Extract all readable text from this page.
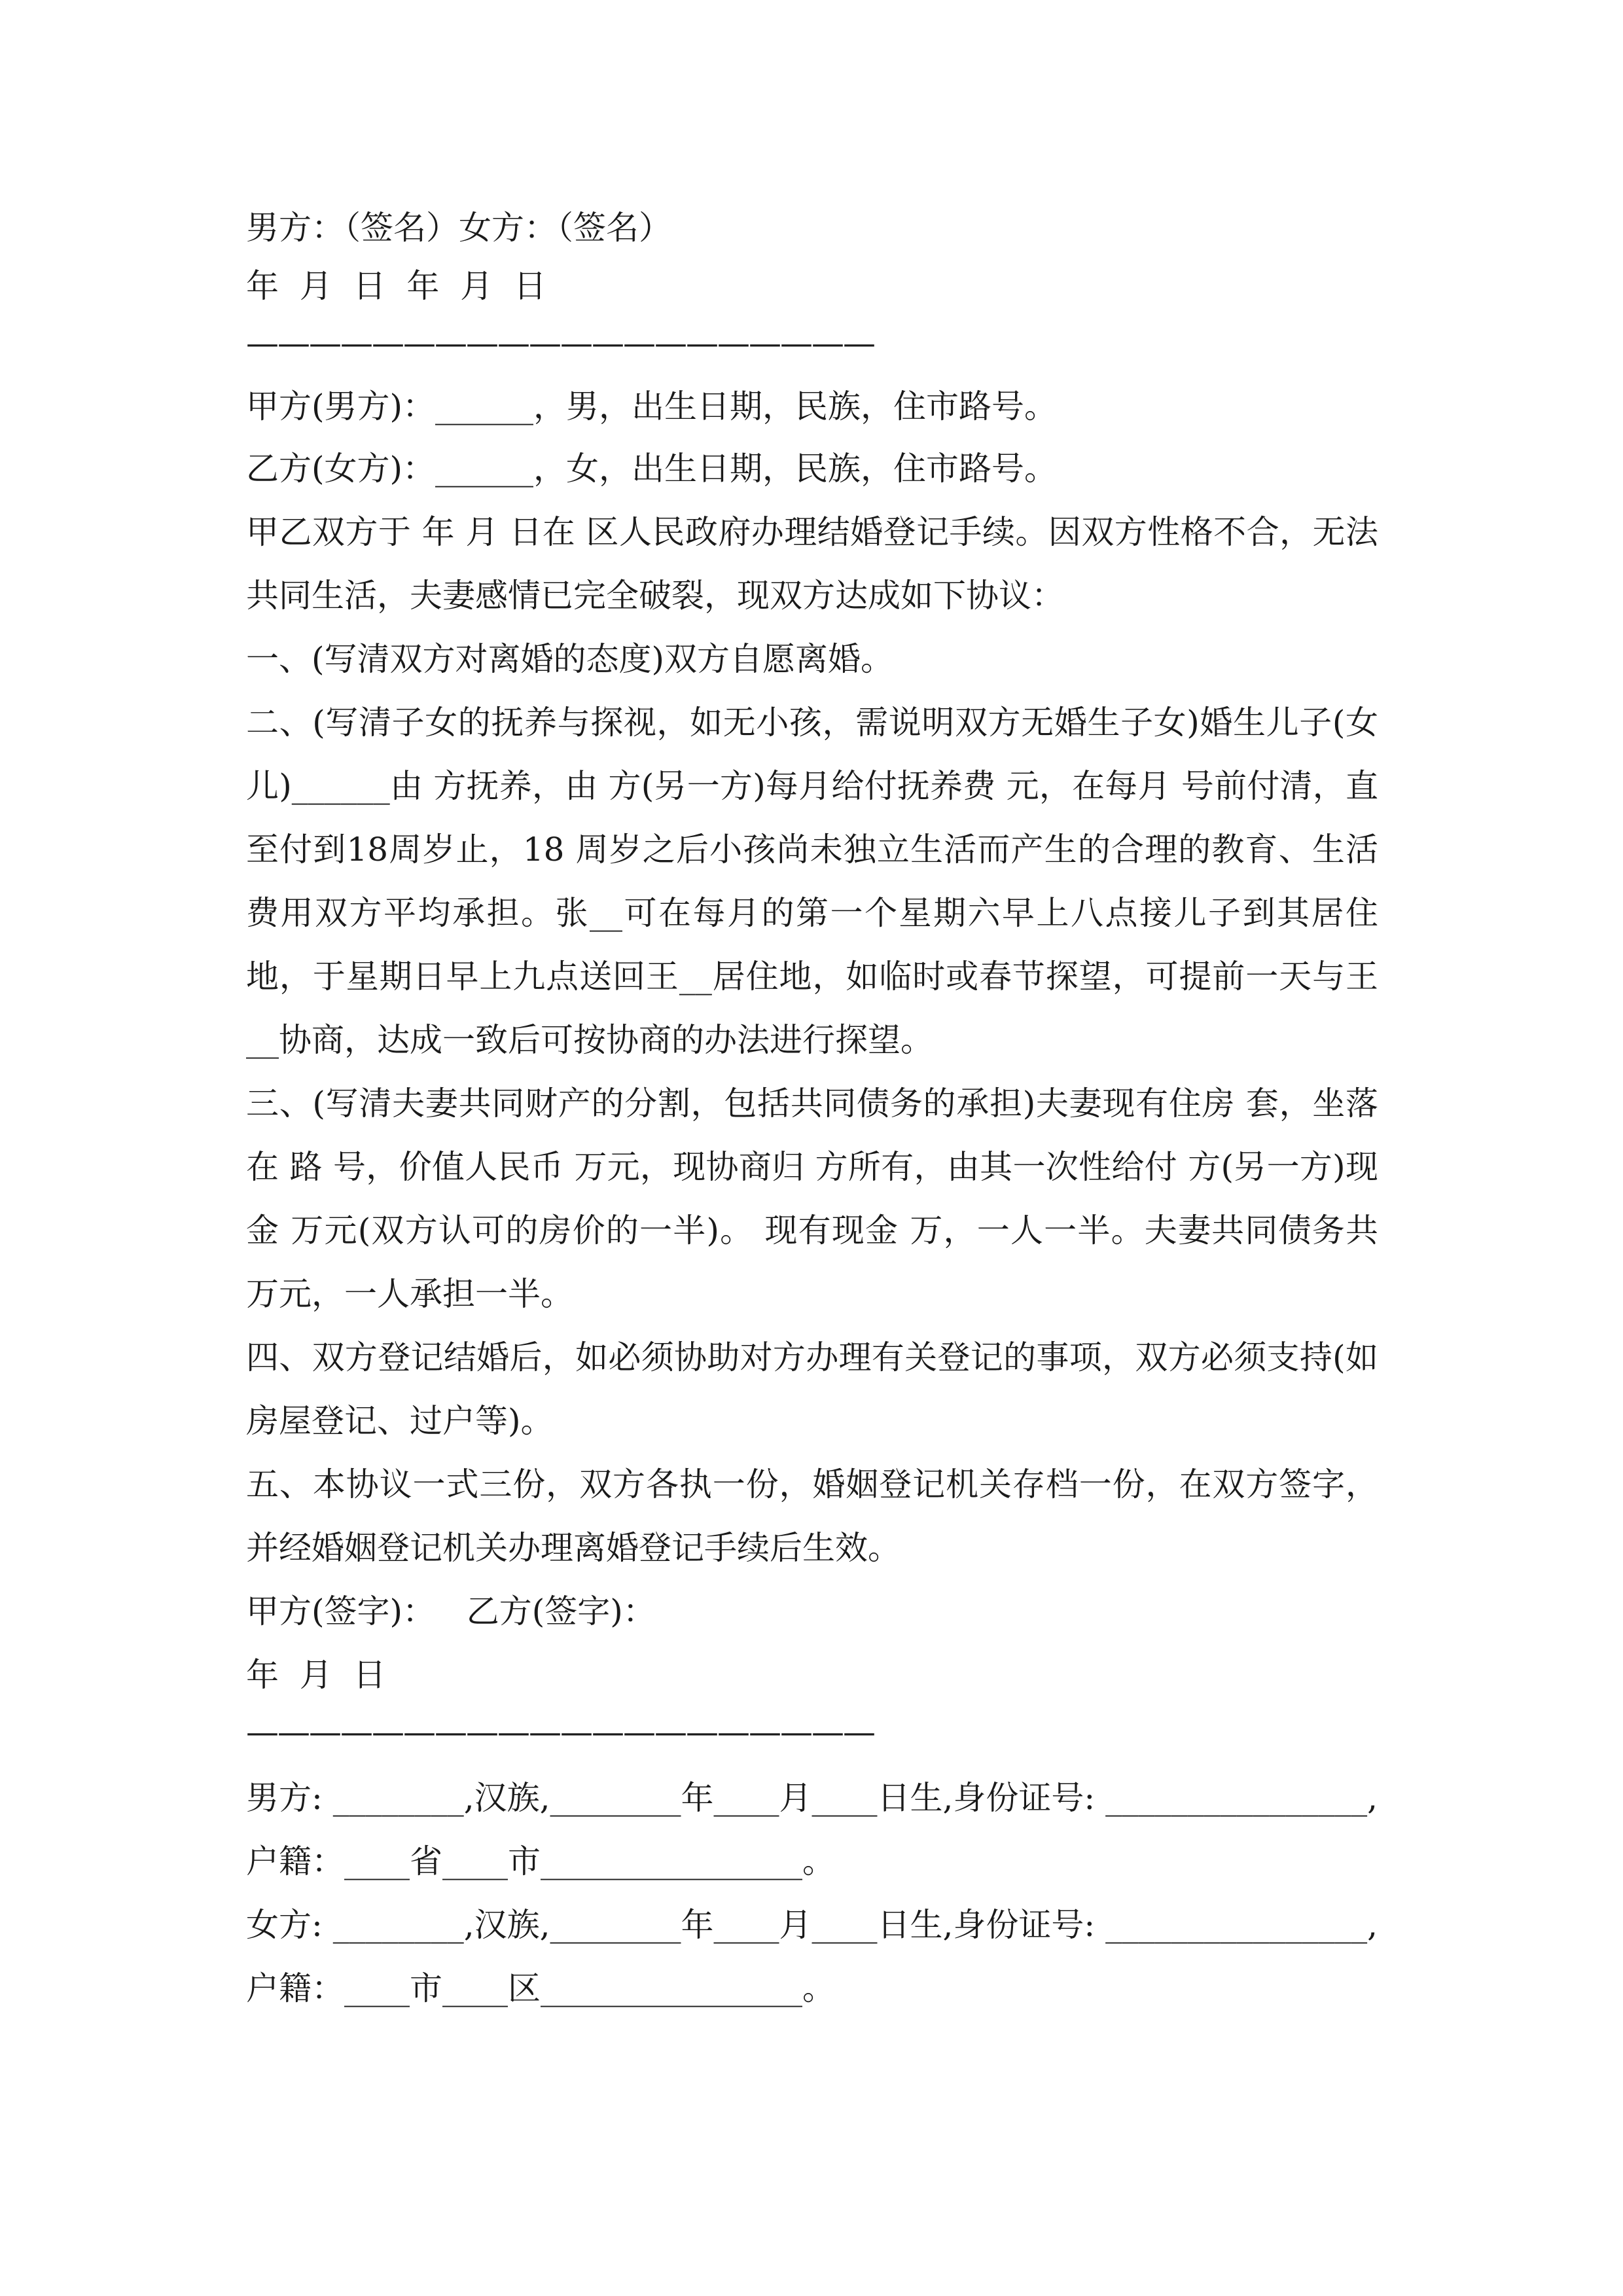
男方：（签名）女方：（签名）

年  月  日  年  月  日

————————————————————

甲方(男方)：______，男，出生日期，民族，住市路号。

乙方(女方)：______，女，出生日期，民族，住市路号。

甲乙双方于 年 月 日在 区人民政府办理结婚登记手续。因双方性格不合，无法共同生活，夫妻感情已完全破裂，现双方达成如下协议：

一、(写清双方对离婚的态度)双方自愿离婚。

二、(写清子女的抚养与探视，如无小孩，需说明双方无婚生子女)婚生儿子(女儿)______由 方抚养，由 方(另一方)每月给付抚养费 元，在每月 号前付清，直至付到18周岁止，18 周岁之后小孩尚未独立生活而产生的合理的教育、生活费用双方平均承担。张__可在每月的第一个星期六早上八点接儿子到其居住地，于星期日早上九点送回王__居住地，如临时或春节探望，可提前一天与王__协商，达成一致后可按协商的办法进行探望。

三、(写清夫妻共同财产的分割，包括共同债务的承担)夫妻现有住房 套，坐落在 路 号，价值人民币 万元，现协商归 方所有，由其一次性给付 方(另一方)现金 万元(双方认可的房价的一半)。 现有现金 万，一人一半。夫妻共同债务共 万元，一人承担一半。

四、双方登记结婚后，如必须协助对方办理有关登记的事项，双方必须支持(如房屋登记、过户等)。

五、本协议一式三份，双方各执一份，婚姻登记机关存档一份，在双方签字，并经婚姻登记机关办理离婚登记手续后生效。

甲方(签字)：   乙方(签字)：

年  月  日

————————————————————

男方: ________,汉族,________年____月____日生,身份证号: ________________,

户籍：____省____市________________。

女方: ________,汉族,________年____月____日生,身份证号: ________________,

户籍：____市____区________________。
